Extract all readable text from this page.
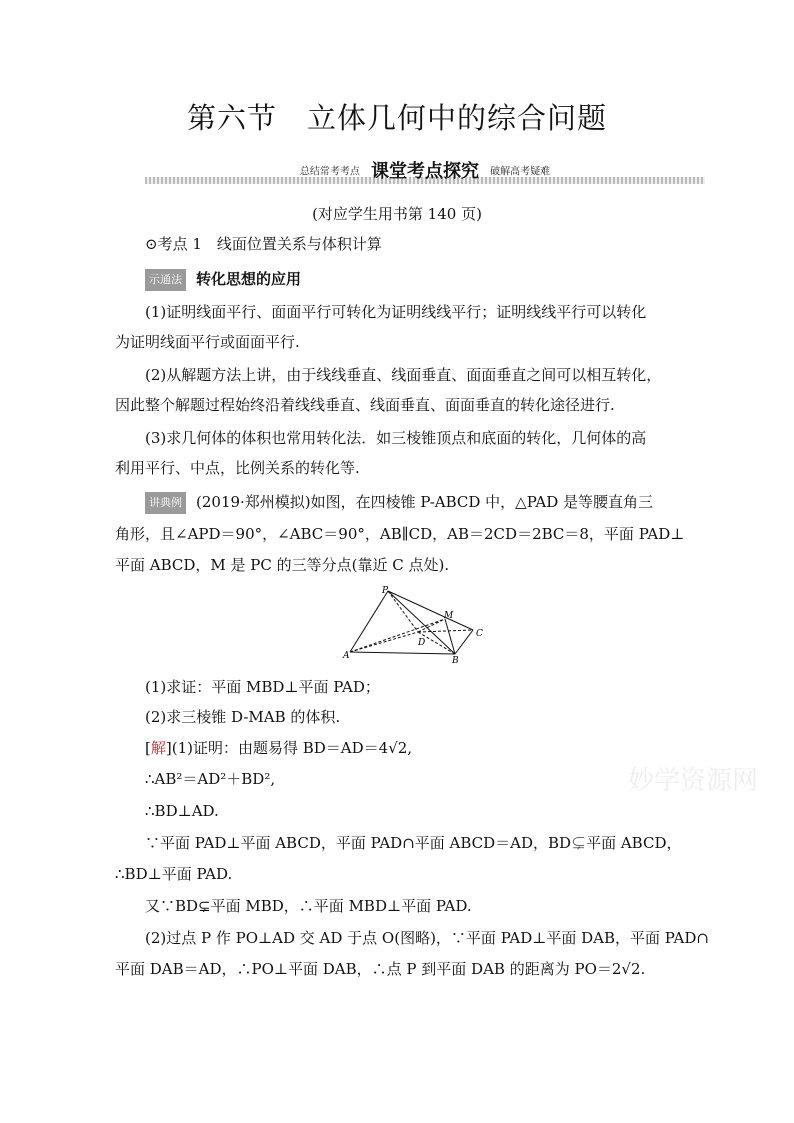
第六节　立体几何中的综合问题
总结常考考点 课堂考点探究 破解高考疑难
(对应学生用书第 140 页)
⊙考点 1　线面位置关系与体积计算
示通法 转化思想的应用
(1)证明线面平行、面面平行可转化为证明线线平行；证明线线平行可以转化
为证明线面平行或面面平行.
(2)从解题方法上讲，由于线线垂直、线面垂直、面面垂直之间可以相互转化，
因此整个解题过程始终沿着线线垂直、线面垂直、面面垂直的转化途径进行.
(3)求几何体的体积也常用转化法．如三棱锥顶点和底面的转化，几何体的高
利用平行、中点，比例关系的转化等.
讲典例 (2019·郑州模拟)如图，在四棱锥 P-ABCD 中，△PAD 是等腰直角三
角形，且∠APD＝90°，∠ABC＝90°，AB∥CD，AB＝2CD＝2BC＝8，平面 PAD⊥
平面 ABCD，M 是 PC 的三等分点(靠近 C 点处).
P
A	B
C
D
M
(1)求证：平面 MBD⊥平面 PAD；
(2)求三棱锥 D-MAB 的体积.
[解](1)证明：由题易得 BD＝AD＝4√2,
∴AB²＝AD²＋BD²,
∴BD⊥AD.
∵平面 PAD⊥平面 ABCD，平面 PAD∩平面 ABCD＝AD，BD⊊平面 ABCD，
∴BD⊥平面 PAD.
又∵BD⊊平面 MBD，∴平面 MBD⊥平面 PAD.
(2)过点 P 作 PO⊥AD 交 AD 于点 O(图略)，∵平面 PAD⊥平面 DAB，平面 PAD∩
平面 DAB＝AD，∴PO⊥平面 DAB，∴点 P 到平面 DAB 的距离为 PO＝2√2.
妙学资源网
